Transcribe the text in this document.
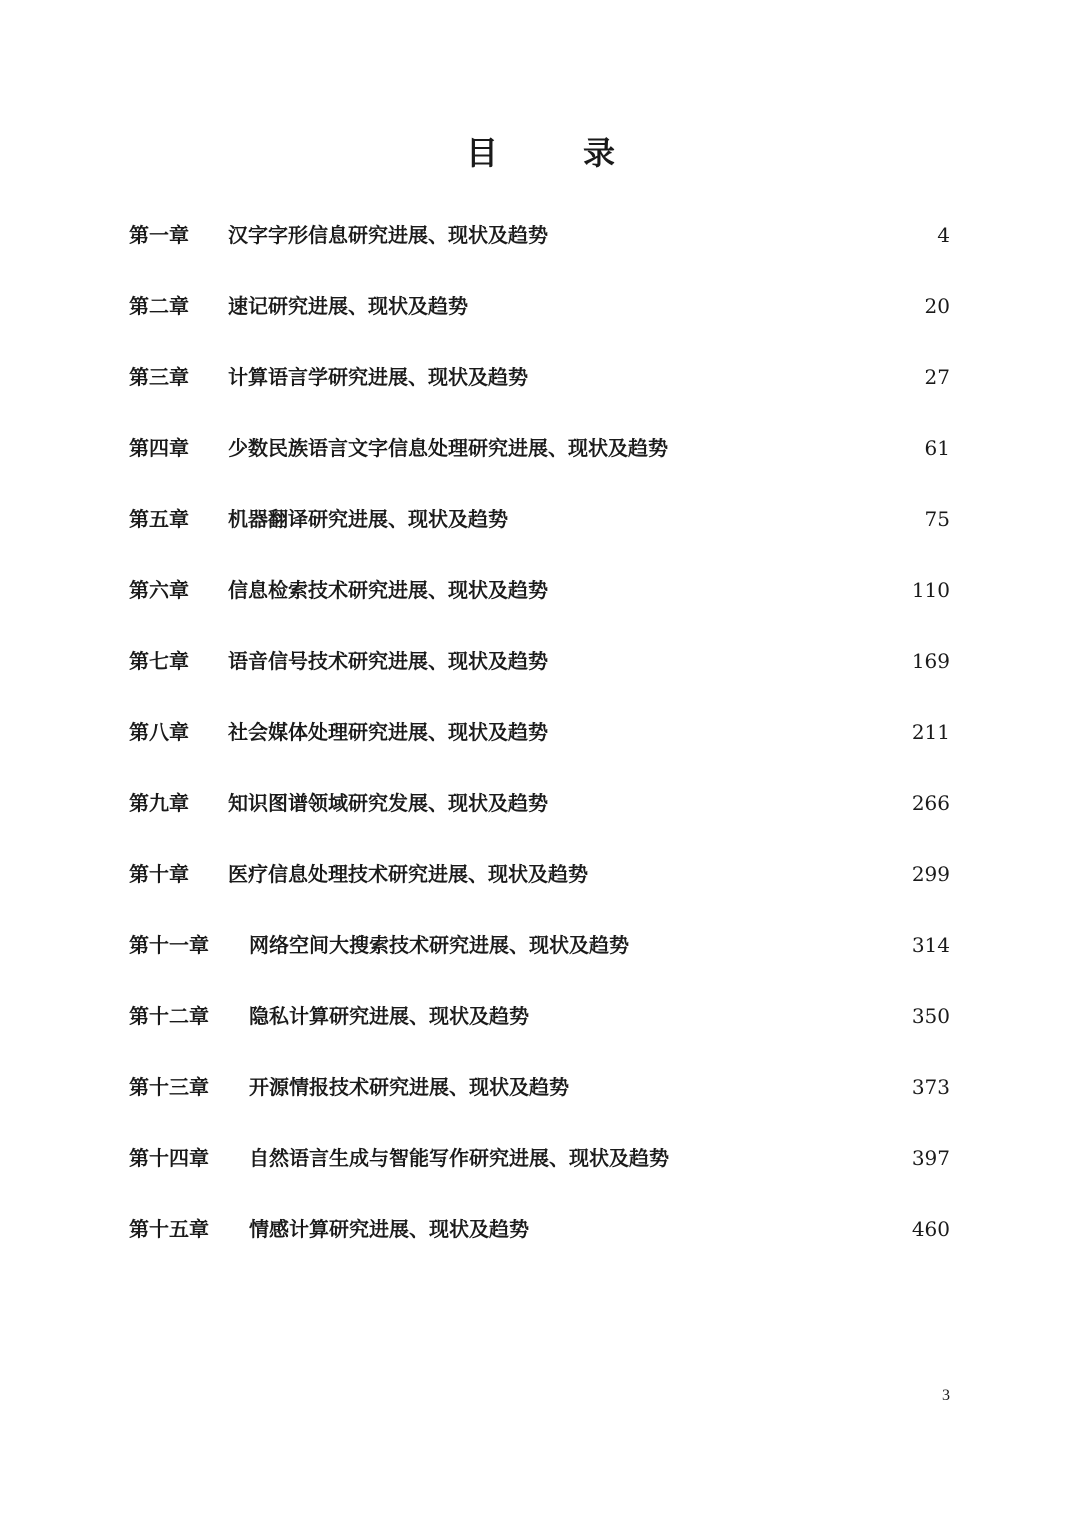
目	录
第一章 汉字字形信息研究进展、现状及趋势	4
第二章 速记研究进展、现状及趋势	20
第三章 计算语言学研究进展、现状及趋势	27
第四章 少数民族语言文字信息处理研究进展、现状及趋势	61
第五章 机器翻译研究进展、现状及趋势	75
第六章 信息检索技术研究进展、现状及趋势	110
第七章 语音信号技术研究进展、现状及趋势	169
第八章 社会媒体处理研究进展、现状及趋势	211
第九章 知识图谱领域研究发展、现状及趋势	266
第十章 医疗信息处理技术研究进展、现状及趋势	299
第十一章 网络空间大搜索技术研究进展、现状及趋势	314
第十二章 隐私计算研究进展、现状及趋势	350
第十三章 开源情报技术研究进展、现状及趋势	373
第十四章 自然语言生成与智能写作研究进展、现状及趋势	397
第十五章 情感计算研究进展、现状及趋势	460
3
